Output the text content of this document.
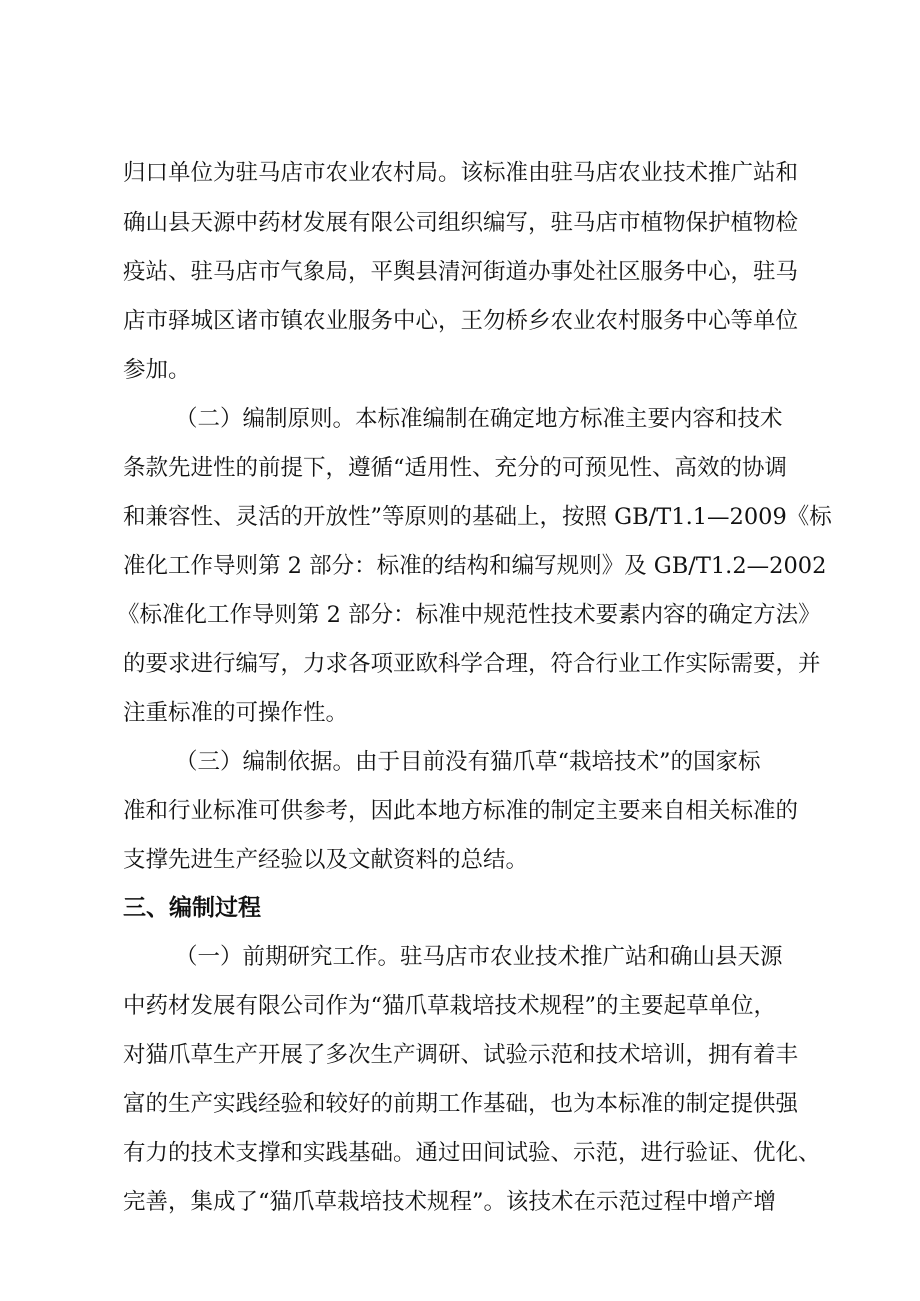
归口单位为驻马店市农业农村局。该标准由驻马店农业技术推广站和
确山县天源中药材发展有限公司组织编写，驻马店市植物保护植物检
疫站、驻马店市气象局，平舆县清河街道办事处社区服务中心，驻马
店市驿城区诸市镇农业服务中心，王勿桥乡农业农村服务中心等单位
参加。
（二）编制原则。本标准编制在确定地方标准主要内容和技术
条款先进性的前提下，遵循“适用性、充分的可预见性、高效的协调
和兼容性、灵活的开放性”等原则的基础上，按照 GB/T1.1—2009《标
准化工作导则第 2 部分：标准的结构和编写规则》及 GB/T1.2—2002
《标准化工作导则第 2 部分：标准中规范性技术要素内容的确定方法》
的要求进行编写，力求各项亚欧科学合理，符合行业工作实际需要，并
注重标准的可操作性。
（三）编制依据。由于目前没有猫爪草“栽培技术”的国家标
准和行业标准可供参考，因此本地方标准的制定主要来自相关标准的
支撑先进生产经验以及文献资料的总结。
三、编制过程
（一）前期研究工作。驻马店市农业技术推广站和确山县天源
中药材发展有限公司作为“猫爪草栽培技术规程”的主要起草单位，
对猫爪草生产开展了多次生产调研、试验示范和技术培训，拥有着丰
富的生产实践经验和较好的前期工作基础，也为本标准的制定提供强
有力的技术支撑和实践基础。通过田间试验、示范，进行验证、优化、
完善，集成了“猫爪草栽培技术规程”。该技术在示范过程中增产增
